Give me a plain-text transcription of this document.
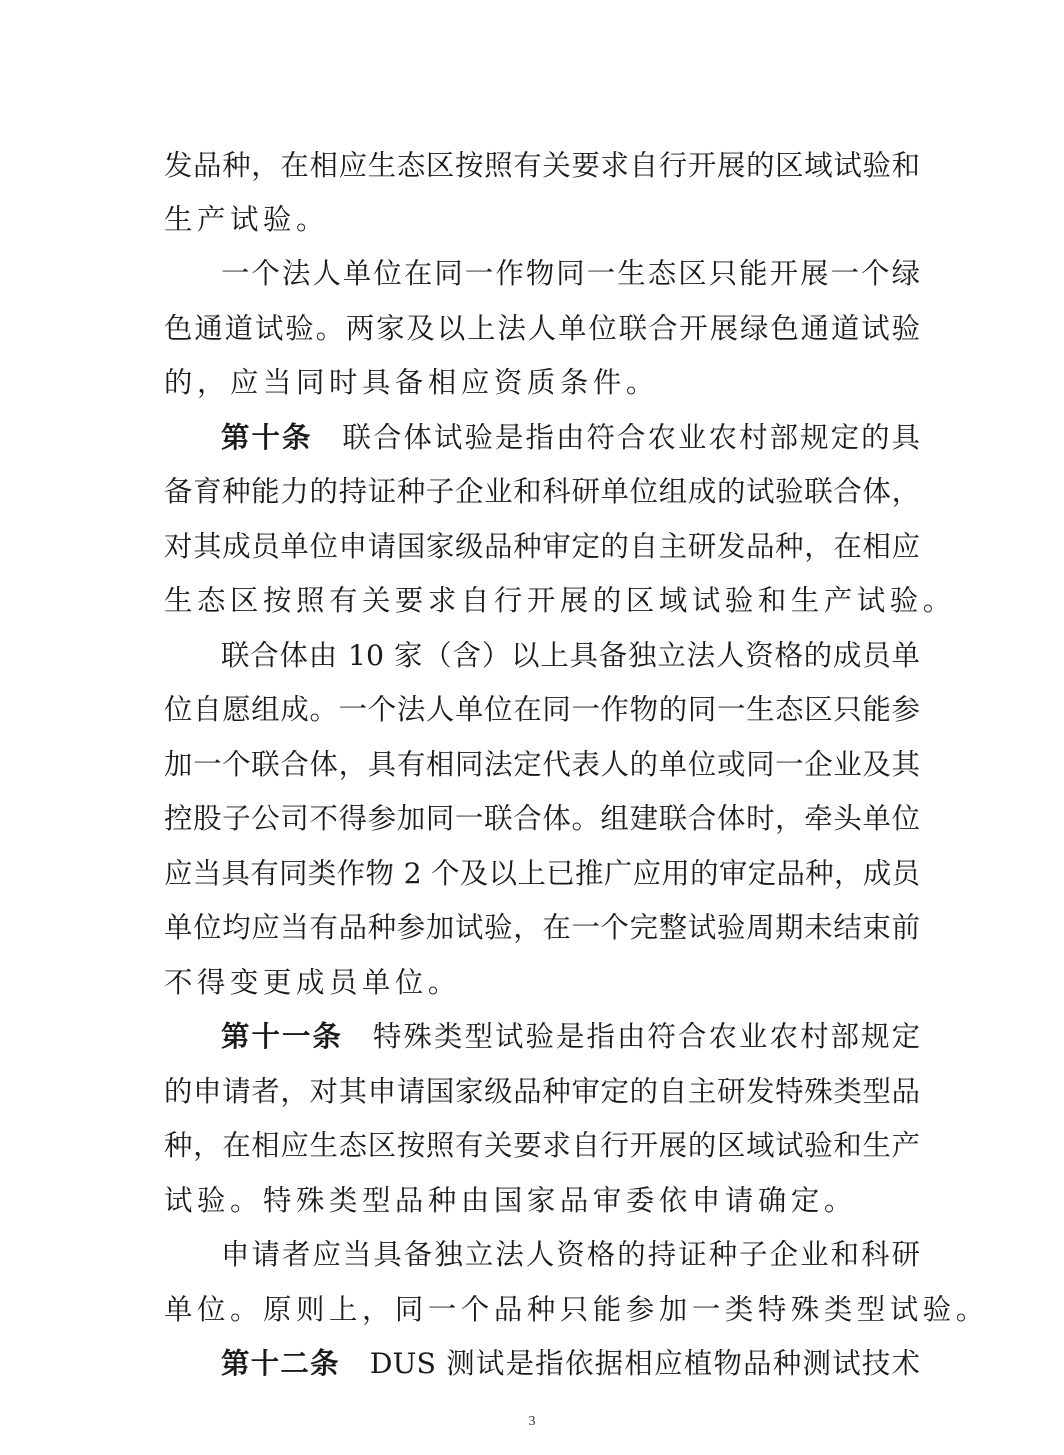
发品种，在相应生态区按照有关要求自行开展的区域试验和
生产试验。
一个法人单位在同一作物同一生态区只能开展一个绿
色通道试验。两家及以上法人单位联合开展绿色通道试验
的，应当同时具备相应资质条件。
第十条 联合体试验是指由符合农业农村部规定的具
备育种能力的持证种子企业和科研单位组成的试验联合体，
对其成员单位申请国家级品种审定的自主研发品种，在相应
生态区按照有关要求自行开展的区域试验和生产试验。
联合体由 10 家（含）以上具备独立法人资格的成员单
位自愿组成。一个法人单位在同一作物的同一生态区只能参
加一个联合体，具有相同法定代表人的单位或同一企业及其
控股子公司不得参加同一联合体。组建联合体时，牵头单位
应当具有同类作物 2 个及以上已推广应用的审定品种，成员
单位均应当有品种参加试验，在一个完整试验周期未结束前
不得变更成员单位。
第十一条 特殊类型试验是指由符合农业农村部规定
的申请者，对其申请国家级品种审定的自主研发特殊类型品
种，在相应生态区按照有关要求自行开展的区域试验和生产
试验。特殊类型品种由国家品审委依申请确定。
申请者应当具备独立法人资格的持证种子企业和科研
单位。原则上，同一个品种只能参加一类特殊类型试验。
第十二条 DUS 测试是指依据相应植物品种测试技术
3
